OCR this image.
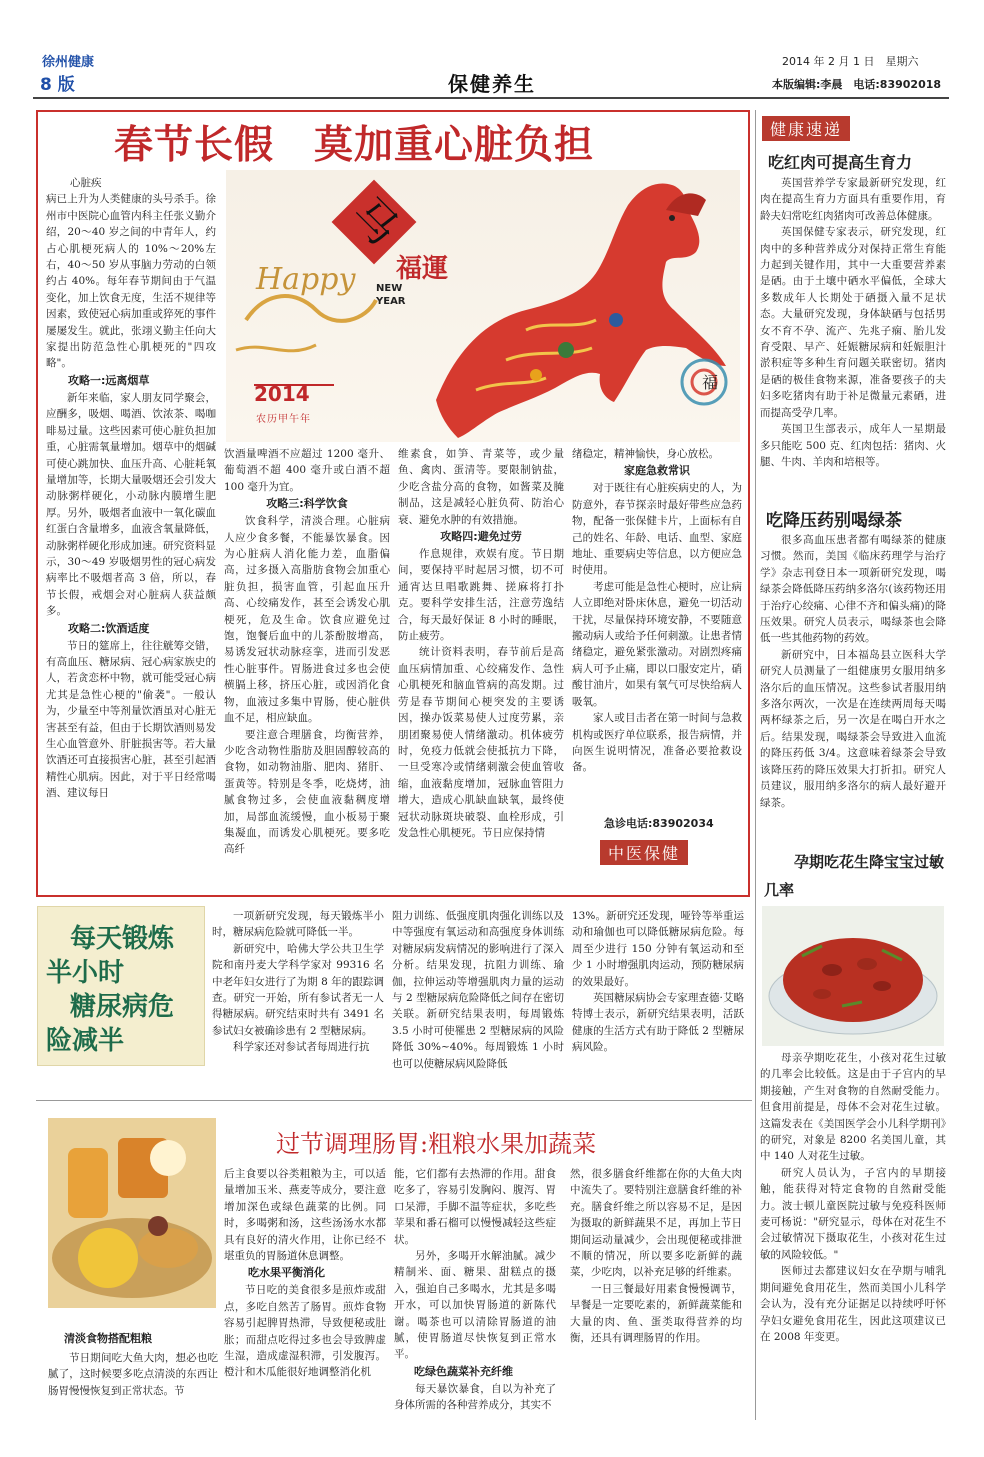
徐州健康
8 版	保健养生
2014 年 2 月 1 日　星期六
本版编辑:李晨　电话:83902018
春节长假　莫加重心脏负担
马
Happy NEW YEAR
福運
2014
农历甲午年
福
心脏疾
病已上升为人类健康的头号杀手。徐州市中医院心血管内科主任张义勤介绍，20～40 岁之间的中青年人，约占心肌梗死病人的 10%～20%左右，40～50 岁从事脑力劳动的白领约占 40%。每年春节期间由于气温变化，加上饮食无度，生活不规律等因素，致使冠心病加重或猝死的事件屡屡发生。就此，张翊义勤主任向大家提出防范急性心肌梗死的"四攻略"。
攻略一:远离烟草

新年来临，家人朋友同学聚会，应酬多，吸烟、喝酒、饮浓茶、喝咖啡易过量。这些因素可使心脏负担加重，心脏需氧量增加。烟草中的烟碱可使心跳加快、血压升高、心脏耗氧量增加等，长期大量吸烟还会引发大动脉粥样硬化，小动脉内膜增生肥厚。另外，吸烟者血液中一氧化碳血红蛋白含量增多，血液含氧量降低，动脉粥样硬化形成加速。研究资料显示，30～49 岁吸烟男性的冠心病发病率比不吸烟者高 3 倍，所以，春节长假，戒烟会对心脏病人获益颇多。

攻略二:饮酒适度

节日的筵席上，往往觥筹交错，有高血压、糖尿病、冠心病家族史的人，若贪恋杯中物，就可能受冠心病尤其是急性心梗的"偷袭"。一般认为，少量至中等剂量饮酒虽对心脏无害甚至有益，但由于长期饮酒则易发生心血管意外、肝脏损害等。若大量饮酒还可直接损害心脏，甚至引起酒精性心肌病。因此，对于平日经常喝酒、建议每日

饮酒量啤酒不应超过 1200 毫升、葡萄酒不超 400 毫升或白酒不超 100 毫升为宜。
攻略三:科学饮食

饮食科学，清淡合理。心脏病人应少食多餐，不能暴饮暴食。因为心脏病人消化能力差，血脂偏高，过多摄入高脂肪食物会加重心脏负担，损害血管，引起血压升高、心绞痛发作，甚至会诱发心肌梗死，危及生命。饮食应避免过饱，饱餐后血中的儿茶酚胺增高，易诱发冠状动脉痉挛，进而引发恶性心脏事件。胃肠进食过多也会使横膈上移，挤压心脏，或因消化食物，血液过多集中胃肠，使心脏供血不足，相应缺血。

要注意合理膳食，均衡营养，少吃含动物性脂肪及胆固醇较高的食物，如动物油脂、肥肉、猪肝、蛋黄等。特别是冬季，吃烧烤，油腻食物过多，会使血液黏稠度增加，局部血流缓慢，血小板易于聚集凝血，而诱发心肌梗死。要多吃高纤

维素食，如笋、青菜等，或少量鱼、禽肉、蛋清等。要限制钠盐，少吃含盐分高的食物，如酱菜及腌制品，这是减轻心脏负荷、防治心衰、避免水肿的有效措施。
攻略四:避免过劳

作息规律，欢娱有度。节日期间，要保持平时起居习惯，切不可通宵达旦唱歌跳舞、搓麻将打扑克。要科学安排生活，注意劳逸结合，每天最好保证 8 小时的睡眠，防止疲劳。

统计资料表明，春节前后是高血压病情加重、心绞痛发作、急性心肌梗死和脑血管病的高发期。过劳是春节期间心梗突发的主要诱因，操办饭菜易使人过度劳累，亲朋团聚易使人情绪激动。机体疲劳时，免疫力低就会使抵抗力下降，一旦受寒冷或情绪刺激会使血管收缩，血液黏度增加，冠脉血管阻力增大，造成心肌缺血缺氧，最终使冠状动脉斑块破裂、血栓形成，引发急性心肌梗死。节日应保持情

绪稳定，精神愉快，身心放松。
家庭急救常识

对于既往有心脏疾病史的人，为防意外，春节探亲时最好带些应急药物，配备一张保健卡片，上面标有自己的姓名、年龄、电话、血型、家庭地址、重要病史等信息，以方便应急时使用。

考虑可能是急性心梗时，应让病人立即绝对卧床休息，避免一切活动干扰，尽量保持环境安静，不要随意搬动病人或给予任何刺激。让患者情绪稳定，避免紧张激动。对剧烈疼痛病人可予止痛，即以口服安定片，硝酸甘油片，如果有氧气可尽快给病人吸氧。

家人或目击者在第一时间与急救机构或医疗单位联系，报告病情，并向医生说明情况，准备必要抢救设备。

急诊电话:83902034
中医保健
健康速递
吃红肉可提高生育力

英国营养学专家最新研究发现，红肉在提高生育力方面具有重要作用，育龄夫妇常吃红肉猪肉可改善总体健康。

英国保健专家表示，研究发现，红肉中的多种营养成分对保持正常生育能力起到关键作用，其中一大重要营养素是硒。由于土壤中硒水平偏低，全球大多数成年人长期处于硒摄入量不足状态。大量研究发现，身体缺硒与包括男女不育不孕、流产、先兆子痫、胎儿发育受限、早产、妊娠糖尿病和妊娠胆汁淤积症等多种生育问题关联密切。猪肉是硒的极佳食物来源，准备要孩子的夫妇多吃猪肉有助于补足微量元素硒，进而提高受孕几率。

英国卫生部表示，成年人一星期最多只能吃 500 克、红肉包括：猪肉、火腿、牛肉、羊肉和培根等。

吃降压药别喝绿茶

很多高血压患者都有喝绿茶的健康习惯。然而，美国《临床药理学与治疗学》杂志刊登日本一项新研究发现，喝绿茶会降低降压药纳多洛尔(该药物还用于治疗心绞痛、心律不齐和偏头痛)的降压效果。研究人员表示，喝绿茶也会降低一些其他药物的药效。

新研究中，日本福岛县立医科大学研究人员测量了一组健康男女服用纳多洛尔后的血压情况。这些参试者服用纳多洛尔两次，一次是在连续两周每天喝两杯绿茶之后，另一次是在喝白开水之后。结果发现，喝绿茶会导致进入血流的降压药低 3/4。这意味着绿茶会导致该降压药的降压效果大打折扣。研究人员建议，服用纳多洛尔的病人最好避开绿茶。

孕期吃花生降宝宝过敏几率

母亲孕期吃花生，小孩对花生过敏的几率会比较低。这是由于子宫内的早期接触，产生对食物的自然耐受能力。但食用前提是，母体不会对花生过敏。这篇发表在《美国医学会小儿科学期刊》的研究，对象是 8200 名美国儿童，其中 140 人对花生过敏。

研究人员认为，子宫内的早期接触，能获得对特定食物的自然耐受能力。波士顿儿童医院过敏与免疫科医师麦可杨说："研究显示，母体在对花生不会过敏情况下摄取花生，小孩对花生过敏的风险较低。"

医师过去都建议妇女在孕期与哺乳期间避免食用花生，然而美国小儿科学会认为，没有充分证据足以持续呼吁怀孕妇女避免食用花生，因此这项建议已在 2008 年变更。

每天锻炼
半小时
糖尿病危
险减半

一项新研究发现，每天锻炼半小时，糖尿病危险就可降低一半。

新研究中，哈佛大学公共卫生学院和南丹麦大学科学家对 99316 名中老年妇女进行了为期 8 年的跟踪调查。研究一开始，所有参试者无一人得糖尿病。研究结束时共有 3491 名参试妇女被确诊患有 2 型糖尿病。

科学家还对参试者每周进行抗

阻力训练、低强度肌肉强化训练以及中等强度有氧运动和高强度身体训练对糖尿病发病情况的影响进行了深入分析。结果发现，抗阻力训练、瑜伽，拉伸运动等增强肌肉力量的运动与 2 型糖尿病危险降低之间存在密切关联。新研究结果表明，每周锻炼 3.5 小时可使罹患 2 型糖尿病的风险降低 30%~40%。每周锻炼 1 小时也可以使糖尿病风险降低
13%。新研究还发现，哑铃等举重运动和瑜伽也可以降低糖尿病危险。每周至少进行 150 分钟有氧运动和至少 1 小时增强肌肉运动，预防糖尿病的效果最好。

英国糖尿病协会专家理查德·艾略特博士表示，新研究结果表明，活跃健康的生活方式有助于降低 2 型糖尿病风险。

清淡食物搭配粗粮

节日期间吃大鱼大肉，想必也吃腻了，这时候要多吃点清淡的东西让肠胃慢慢恢复到正常状态。节

过节调理肠胃:粗粮水果加蔬菜
后主食要以谷类粗粮为主，可以适量增加玉米、燕麦等成分，要注意增加深色或绿色蔬菜的比例。同时，多喝粥和汤，这些汤汤水水都具有良好的清火作用，让你已经不堪重负的胃肠道休息调整。
吃水果平衡消化

节日吃的美食很多是煎炸或甜点，多吃自然苦了肠胃。煎炸食物容易引起脾胃热滞，导致便秘或肚胀；而甜点吃得过多也会导致脾虚生湿，造成虚湿积滞，引发腹泻。橙汁和木瓜能很好地调整消化机

能，它们都有去热滞的作用。甜食吃多了，容易引发胸闷、腹泻、胃口呆滞，手脚不温等症状，多吃些苹果和番石榴可以慢慢减轻这些症状。

另外，多喝开水解油腻。减少精制米、面、糖果、甜糕点的摄入，强迫自己多喝水，尤其是多喝开水，可以加快胃肠道的新陈代谢。喝茶也可以清除胃肠道的油腻，使胃肠道尽快恢复到正常水平。

吃绿色蔬菜补充纤维

每天暴饮暴食，自以为补充了身体所需的各种营养成分，其实不

然，很多膳食纤维都在你的大鱼大肉中流失了。要特别注意膳食纤维的补充。膳食纤维之所以容易不足，是因为摄取的新鲜蔬果不足，再加上节日期间运动量减少，会出现便秘或排泄不顺的情况，所以要多吃新鲜的蔬菜，少吃肉，以补充足够的纤维素。

一日三餐最好用素食慢慢调节，早餐是一定要吃素的，新鲜蔬菜能和大量的肉、鱼、蛋类取得营养的均衡，还具有调理肠胃的作用。
